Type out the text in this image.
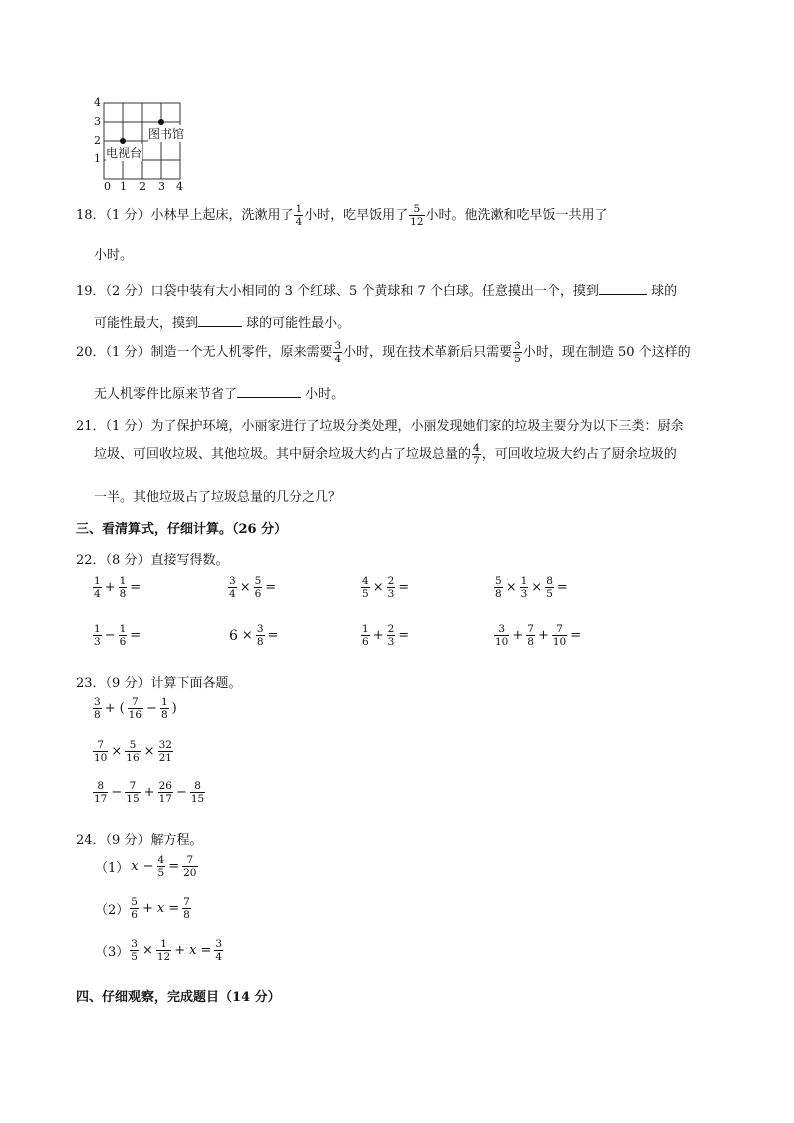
4
3
2
1
0 1 2 3 4
图书馆
电视台
18．（1 分）小林早上起床，洗漱用了 $\frac{1}{4}$ 小时，吃早饭用了 $\frac{5}{12}$ 小时。他洗漱和吃早饭一共用了
小时。
19．（2 分）口袋中装有大小相同的 3 个红球、5 个黄球和 7 个白球。任意摸出一个，摸到	球的
可能性最大，摸到	球的可能性最小。
20．（1 分）制造一个无人机零件，原来需要 $\frac{3}{4}$ 小时，现在技术革新后只需要 $\frac{3}{5}$ 小时，现在制造 50 个这样的
无人机零件比原来节省了	小时。
21．（1 分）为了保护环境，小丽家进行了垃圾分类处理，小丽发现她们家的垃圾主要分为以下三类：厨余
垃圾、可回收垃圾、其他垃圾。其中厨余垃圾大约占了垃圾总量的 $\frac{4}{7}$ ，可回收垃圾大约占了厨余垃圾的
一半。其他垃圾占了垃圾总量的几分之几？
三、看清算式，仔细计算。（26 分）
22．（8 分）直接写得数。
$\frac{1}{4} + \frac{1}{8}$ =	$\frac{3}{4} \times \frac{5}{6}$ =	$\frac{4}{5} \times \frac{2}{3}$ =	$\frac{5}{8} \times \frac{1}{3} \times \frac{8}{5}$ =
$\frac{1}{3} - \frac{1}{6}$ =	$6 \times \frac{3}{8}$ =	$\frac{1}{6} + \frac{2}{3}$ =	$\frac{3}{10} + \frac{7}{8} + \frac{7}{10}$ =
23．（9 分）计算下面各题。
$\frac{3}{8}$ + ( $\frac{7}{16} - \frac{1}{8}$ )
$\frac{7}{10} \times \frac{5}{16} \times \frac{32}{21}$
$\frac{8}{17} - \frac{7}{15} + \frac{26}{17} - \frac{8}{15}$
24．（9 分）解方程。
（1） $x - \frac{4}{5} = \frac{7}{20}$
$(2) \frac{5}{6} + x = \frac{7}{8}$
$(3) \frac{3}{5} \times \frac{1}{12} + x = \frac{3}{4}$
四、仔细观察，完成题目（14 分）
